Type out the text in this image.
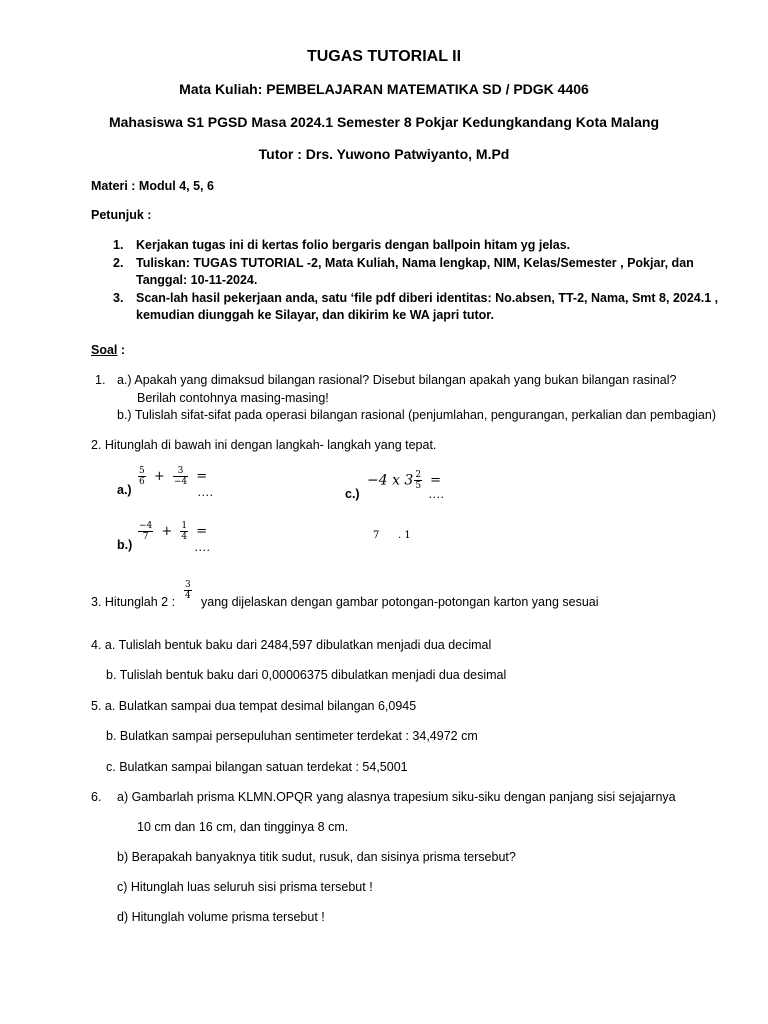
TUGAS TUTORIAL II
Mata Kuliah: PEMBELAJARAN MATEMATIKA SD / PDGK 4406
Mahasiswa S1 PGSD Masa 2024.1 Semester 8 Pokjar Kedungkandang Kota Malang
Tutor : Drs. Yuwono Patwiyanto, M.Pd
Materi : Modul 4, 5, 6
Petunjuk :
1. Kerjakan tugas ini di kertas folio bergaris dengan ballpoin hitam yg jelas.
2. Tuliskan: TUGAS TUTORIAL -2, Mata Kuliah, Nama lengkap, NIM, Kelas/Semester , Pokjar, dan
Tanggal: 10-11-2024.
3. Scan-lah hasil pekerjaan anda, satu ‘file pdf diberi identitas: No.absen, TT-2, Nama, Smt 8, 2024.1 ,
kemudian diunggah ke Silayar, dan dikirim ke WA japri tutor.
Soal :
1. a.) Apakah yang dimaksud bilangan rasional? Disebut bilangan apakah yang bukan bilangan rasinal?
Berilah contohnya masing-masing!
b.) Tulislah sifat-sifat pada operasi bilangan rasional (penjumlahan, pengurangan, perkalian dan pembagian)
2. Hitunglah di bawah ini dengan langkah- langkah yang tepat.
a.)
$\frac{5}{6} + \frac{3}{-4}$ =
….	c.)
−4 x $3 \frac{2}{5}$ =
….
b.)
$\frac{-4}{7} + \frac{1}{4}$ =
….
7 . 1
3. Hitunglah 2 :
$\frac{3}{4}$
yang dijelaskan dengan gambar potongan-potongan karton yang sesuai
4. a. Tulislah bentuk baku dari 2484,597 dibulatkan menjadi dua decimal
b. Tulislah bentuk baku dari 0,00006375 dibulatkan menjadi dua desimal
5. a. Bulatkan sampai dua tempat desimal bilangan 6,0945
b. Bulatkan sampai persepuluhan sentimeter terdekat : 34,4972 cm
c. Bulatkan sampai bilangan satuan terdekat : 54,5001
6. a) Gambarlah prisma KLMN.OPQR yang alasnya trapesium siku-siku dengan panjang sisi sejajarnya
10 cm dan 16 cm, dan tingginya 8 cm.
b) Berapakah banyaknya titik sudut, rusuk, dan sisinya prisma tersebut?
c) Hitunglah luas seluruh sisi prisma tersebut !
d) Hitunglah volume prisma tersebut !
